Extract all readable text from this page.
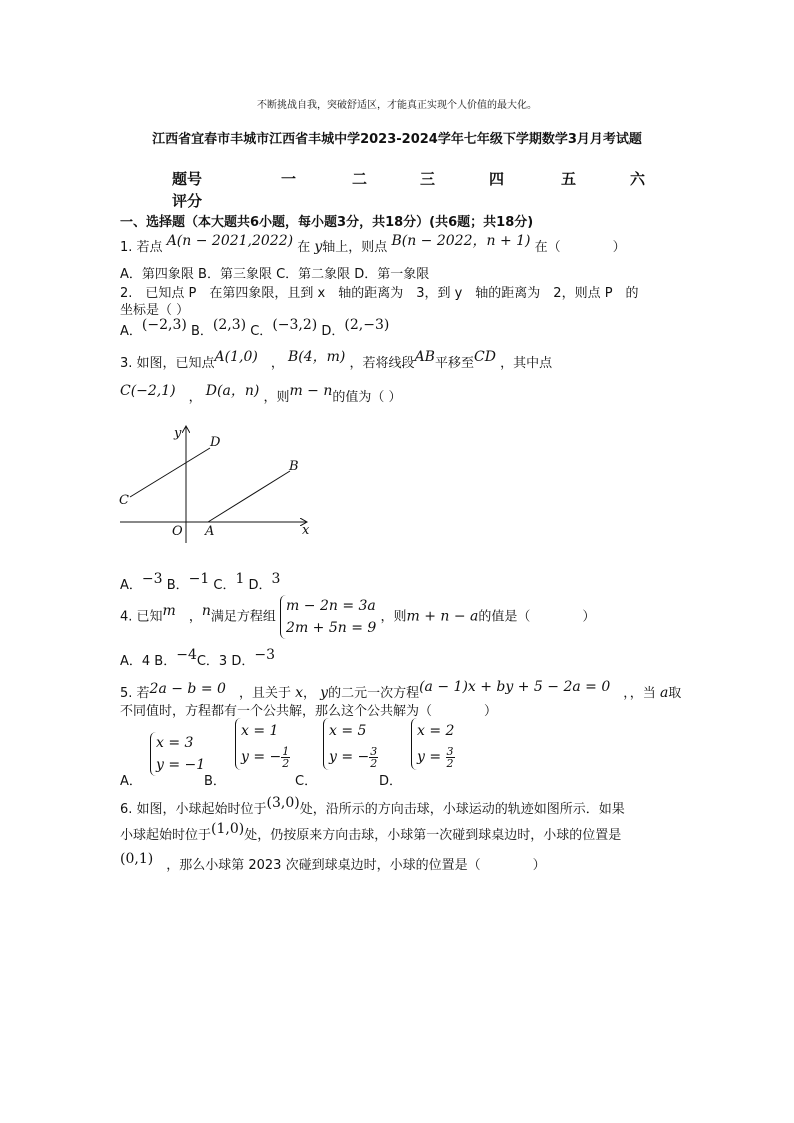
不断挑战自我，突破舒适区，才能真正实现个人价值的最大化。
江西省宜春市丰城市江西省丰城中学2023-2024学年七年级下学期数学3月月考试题
题号	一	二	三	四	五	六
评分
一、选择题（本大题共6小题，每小题3分，共18分）(共6题；共18分)
1. 若点 A(n − 2021,2022) 在 y轴上，则点 B(n − 2022，n + 1) 在（　　　　）
A．第四象限 B．第三象限 C．第二象限 D．第一象限
2.　已知点 P　在第四象限，且到 x　轴的距离为　3，到 y　轴的距离为　2，则点 P　的
坐标是（ ）
A．(−2,3) B．(2,3) C．(−3,2) D．(2,−3)
3. 如图，已知点A(1,0)　， B(4，m) ，若将线段AB平移至CD ，其中点
C(−2,1)　， D(a，n) ，则m − n的值为（ ）
y
x
O A
B
C
D
A．−3 B．−1 C．1 D．3
4. 已知m　 ，n满足方程组
m − 2n = 3a
2m + 5n = 9
，则m + n − a的值是（　　　　）
A．4 B．−4C．3 D．−3
5. 若2a − b = 0　 ，且关于 x， y的二元一次方程(a − 1)x + by + 5 − 2a = 0　，，当 a取
不同值时，方程都有一个公共解，那么这个公共解为（　　　　）
A．
x = 3
y = −1
B．
x = 1
y = − $\frac{1}{2}$
C．
x = 5
y = − $\frac{3}{2}$
D．
x = 2
$y = \frac{3}{2}$
6. 如图，小球起始时位于(3,0)处，沿所示的方向击球，小球运动的轨迹如图所示．如果
小球起始时位于(1,0)处，仍按原来方向击球，小球第一次碰到球桌边时，小球的位置是
(0,1)　 ，那么小球第 2023 次碰到球桌边时，小球的位置是（　　　　）
